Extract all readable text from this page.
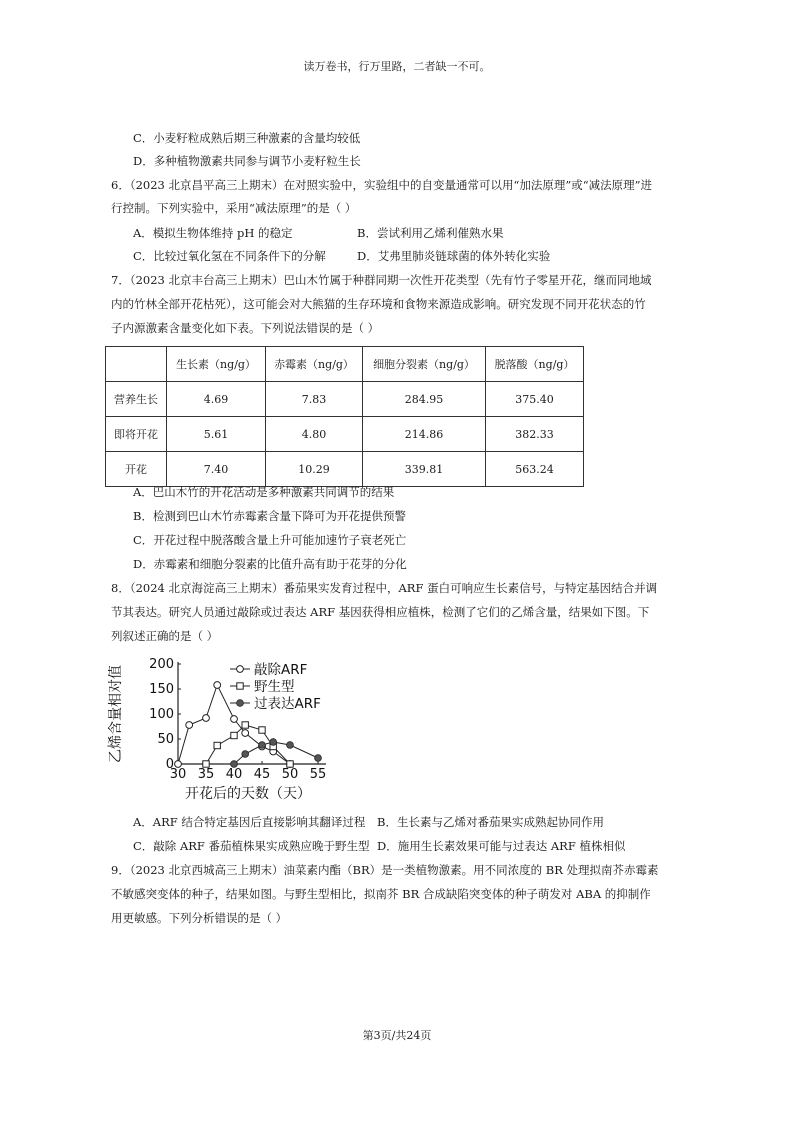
读万卷书，行万里路，二者缺一不可。
C．小麦籽粒成熟后期三种激素的含量均较低
D．多种植物激素共同参与调节小麦籽粒生长
6．（2023 北京昌平高三上期末）在对照实验中，实验组中的自变量通常可以用“加法原理”或“减法原理”进
行控制。下列实验中，采用“减法原理”的是（ ）
A．模拟生物体维持 pH 的稳定	B．尝试利用乙烯利催熟水果
C．比较过氧化氢在不同条件下的分解	D．艾弗里肺炎链球菌的体外转化实验
7．（2023 北京丰台高三上期末）巴山木竹属于种群同期一次性开花类型（先有竹子零星开花，继而同地域
内的竹林全部开花枯死），这可能会对大熊猫的生存环境和食物来源造成影响。研究发现不同开花状态的竹
子内源激素含量变化如下表。下列说法错误的是（ ）
	生长素（ng/g）	赤霉素（ng/g）	细胞分裂素（ng/g）	脱落酸（ng/g）
营养生长	4.69	7.83	284.95	375.40
即将开花	5.61	4.80	214.86	382.33
开花	7.40	10.29	339.81	563.24
A．巴山木竹的开花活动是多种激素共同调节的结果
B．检测到巴山木竹赤霉素含量下降可为开花提供预警
C．开花过程中脱落酸含量上升可能加速竹子衰老死亡
D．赤霉素和细胞分裂素的比值升高有助于花芽的分化
8．（2024 北京海淀高三上期末）番茄果实发育过程中，ARF 蛋白可响应生长素信号，与特定基因结合并调
节其表达。研究人员通过敲除或过表达 ARF 基因获得相应植株，检测了它们的乙烯含量，结果如下图。下
列叙述正确的是（ ）
30 35 40 45 50 55
0
50
100
150
200
开花后的天数（天）
乙烯含量相对值	敲除ARF
野生型
过表达ARF
A．ARF 结合特定基因后直接影响其翻译过程 B．生长素与乙烯对番茄果实成熟起协同作用
C．敲除 ARF 番茄植株果实成熟应晚于野生型 D．施用生长素效果可能与过表达 ARF 植株相似
9．（2023 北京西城高三上期末）油菜素内酯（BR）是一类植物激素。用不同浓度的 BR 处理拟南芥赤霉素
不敏感突变体的种子，结果如图。与野生型相比，拟南芥 BR 合成缺陷突变体的种子萌发对 ABA 的抑制作
用更敏感。下列分析错误的是（ ）
第3页/共24页
